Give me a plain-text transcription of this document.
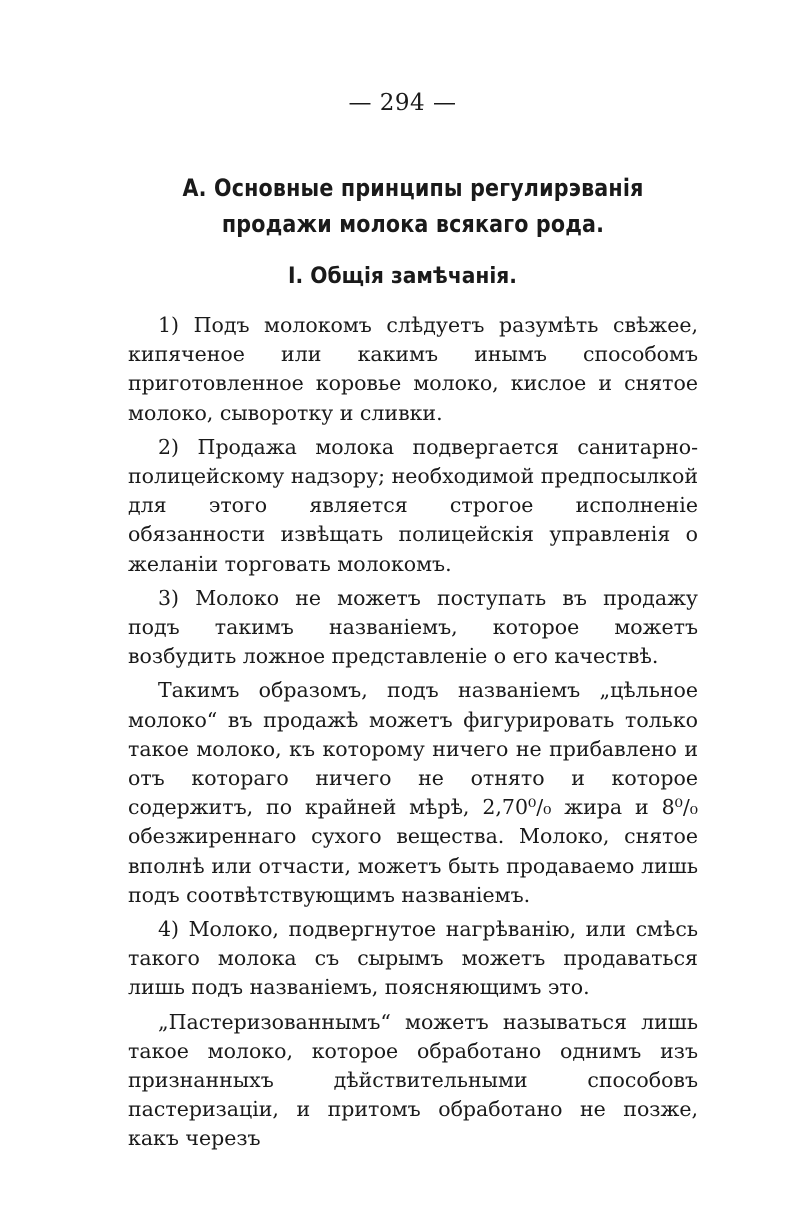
— 294 —
А. Основные принципы регулирэванія продажи молока всякаго рода.
I. Общія замѣчанія.

1) Подъ молокомъ слѣдуетъ разумѣть свѣжее, кипяченое или какимъ инымъ способомъ приготовленное коровье молоко, кислое и снятое молоко, сыворотку и сливки.

2) Продажа молока подвергается санитарно-полицейскому надзору; необходимой предпосылкой для этого является строгое исполненіе обязанности извѣщать полицейскія управленія о желаніи торговать молокомъ.

3) Молоко не можетъ поступать въ продажу подъ такимъ названіемъ, которое можетъ возбудить ложное представленіе о его качествѣ.

Такимъ образомъ, подъ названіемъ „цѣльное молоко“ въ продажѣ можетъ фигурировать только такое молоко, къ которому ничего не прибавлено и отъ котораго ничего не отнято и которое содержитъ, по крайней мѣрѣ, 2,70⁰/₀ жира и 8⁰/₀ обезжиреннаго сухого вещества. Молоко, снятое вполнѣ или отчасти, можетъ быть продаваемо лишь подъ соотвѣтствующимъ названіемъ.

4) Молоко, подвергнутое нагрѣванію, или смѣсь такого молока съ сырымъ можетъ продаваться лишь подъ названіемъ, поясняющимъ это.

„Пастеризованнымъ“ можетъ называться лишь такое молоко, которое обработано однимъ изъ признанныхъ дѣйствительными способовъ пастеризаціи, и притомъ обработано не позже, какъ черезъ
